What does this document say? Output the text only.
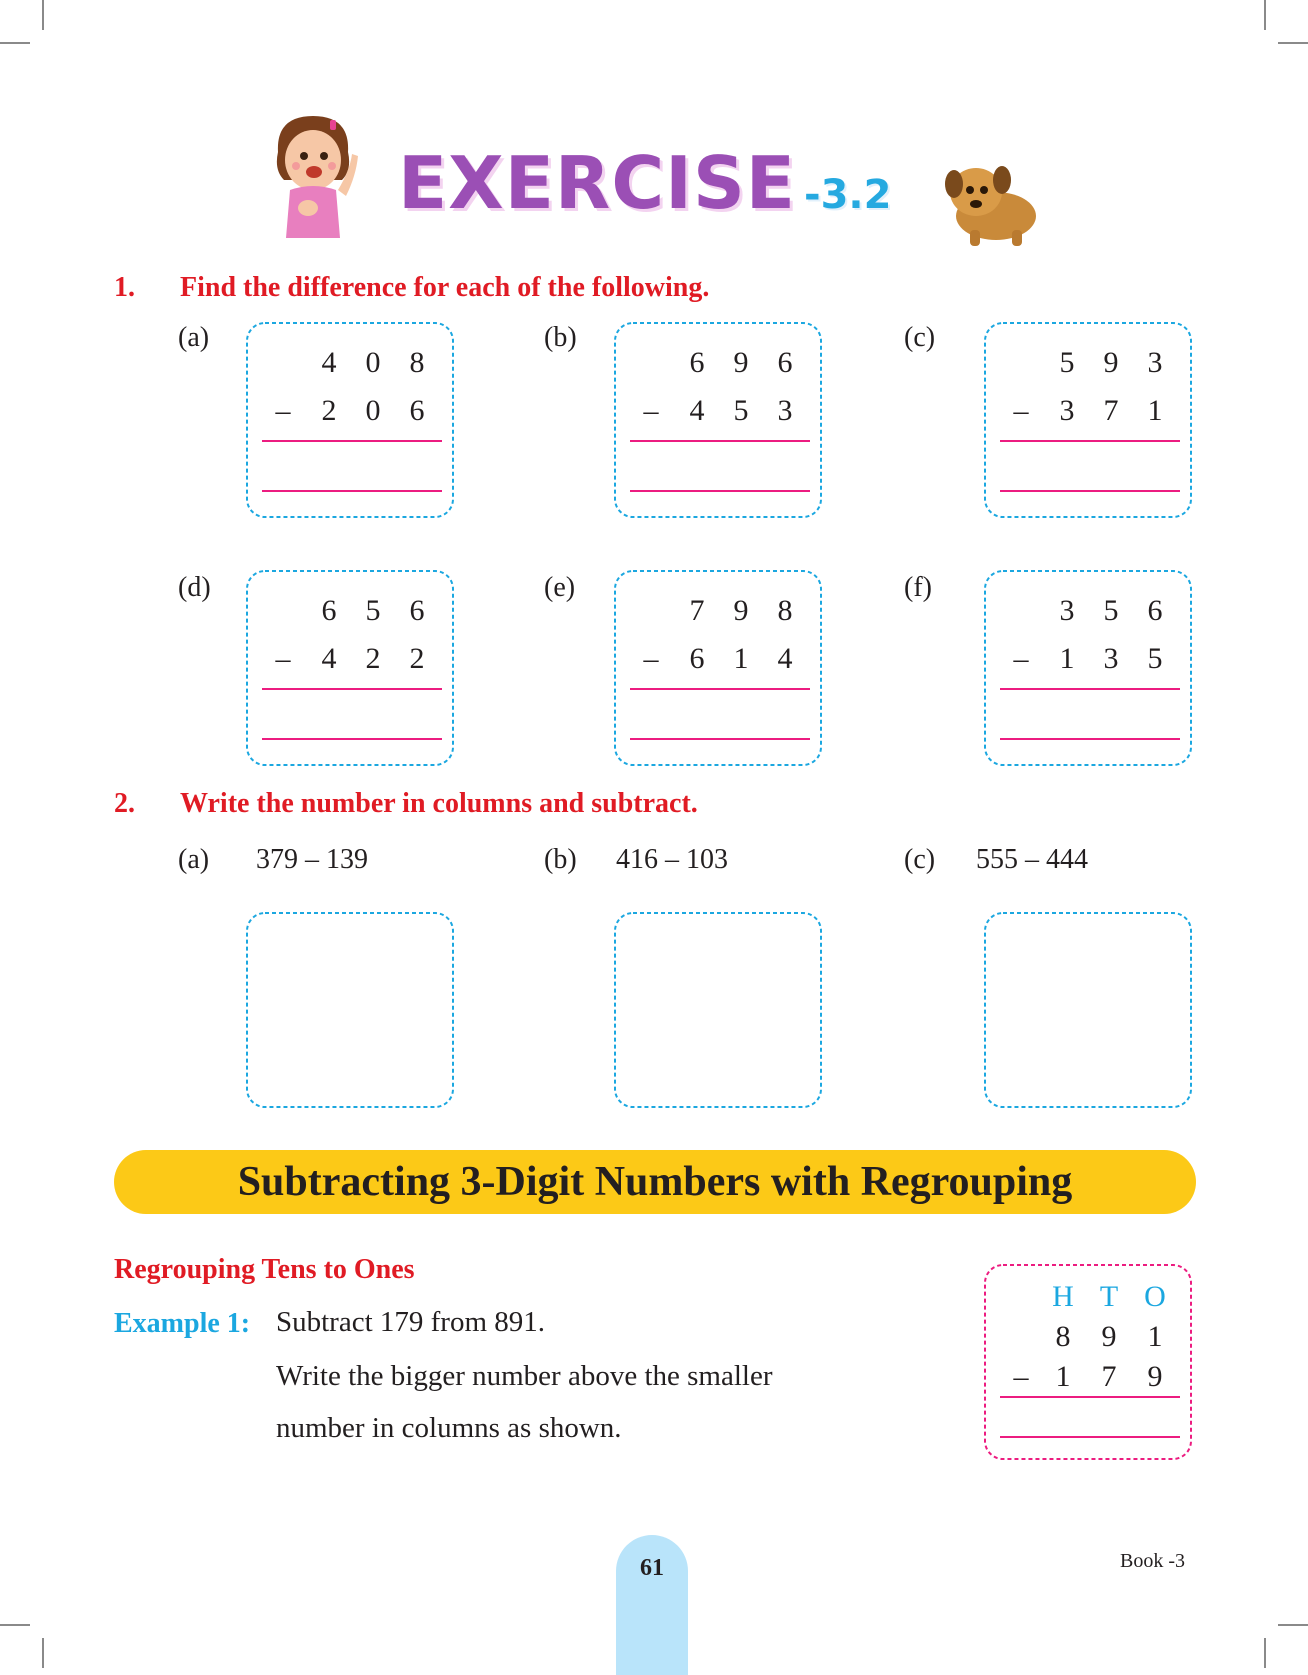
EXERCISE -3.2
1. Find the difference for each of the following.
(a)
4 0 8
– 2 0 6
(b)
6 9 6
– 4 5 3
(c)
5 9 3
– 3 7 1
(d)
6 5 6
– 4 2 2
(e)
7 9 8
– 6 1 4
(f)
3 5 6
– 1 3 5
2. Write the number in columns and subtract.
(a) 379 – 139	(b) 416 – 103	(c) 555 – 444
Subtracting 3-Digit Numbers with Regrouping
Regrouping Tens to Ones
Example 1: Subtract 179 from 891.
Write the bigger number above the smaller
number in columns as shown.
H T O
8 9 1
– 1 7 9
61	Book -3
